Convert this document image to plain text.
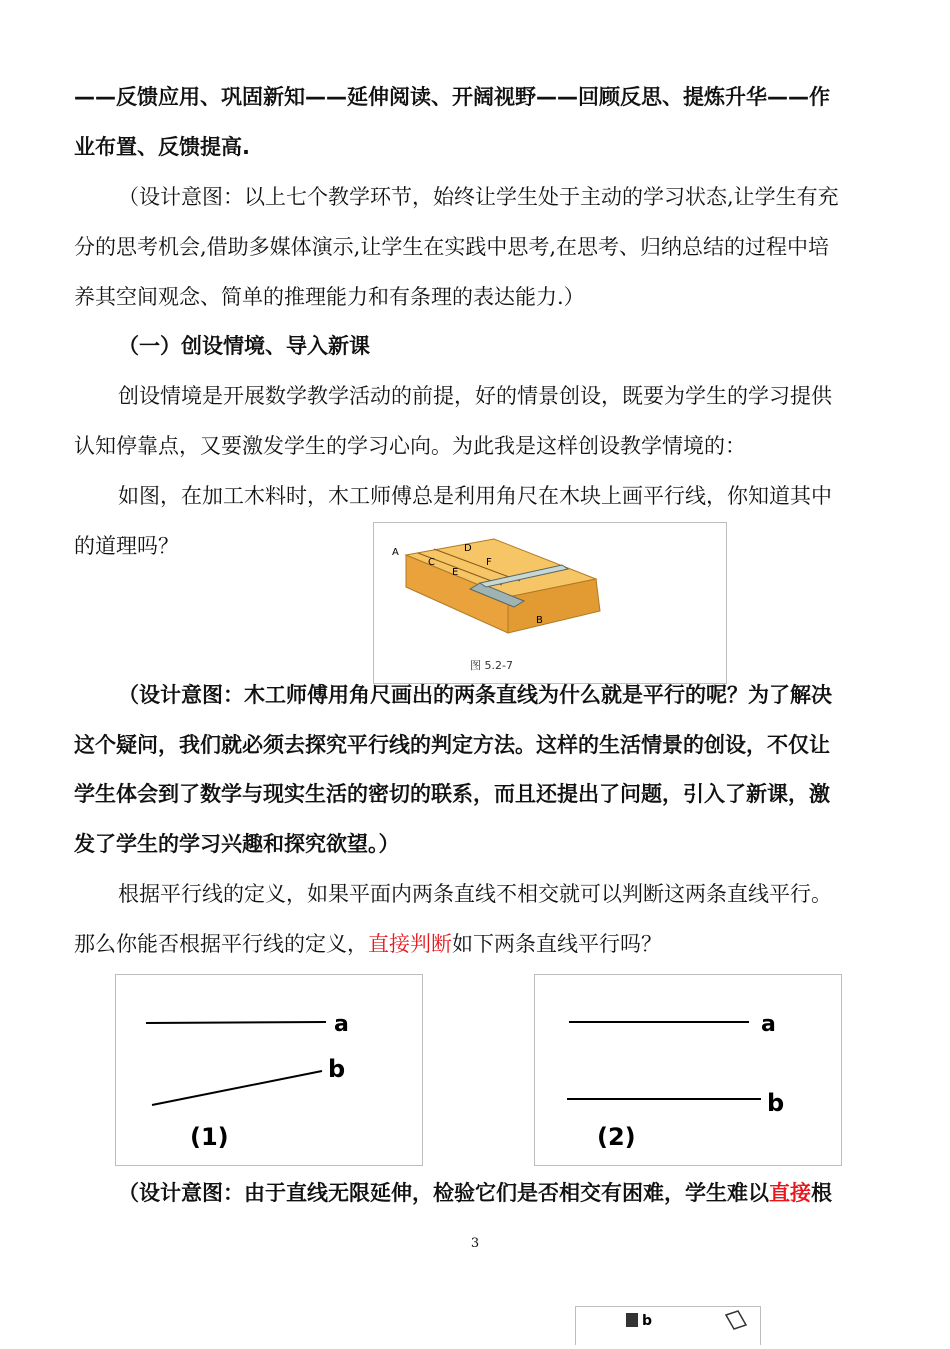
——反馈应用、巩固新知——延伸阅读、开阔视野——回顾反思、提炼升华——作
业布置、反馈提高.
（设计意图：以上七个教学环节，始终让学生处于主动的学习状态,让学生有充
分的思考机会,借助多媒体演示,让学生在实践中思考,在思考、归纳总结的过程中培
养其空间观念、简单的推理能力和有条理的表达能力.）
（一）创设情境、导入新课
创设情境是开展数学教学活动的前提，好的情景创设，既要为学生的学习提供
认知停靠点，又要激发学生的学习心向。为此我是这样创设教学情境的：
如图，在加工木料时，木工师傅总是利用角尺在木块上画平行线，你知道其中
的道理吗？	A
C
D
E
F
B
图 5.2-7
（设计意图：木工师傅用角尺画出的两条直线为什么就是平行的呢？为了解决
这个疑问，我们就必须去探究平行线的判定方法。这样的生活情景的创设，不仅让
学生体会到了数学与现实生活的密切的联系，而且还提出了问题，引入了新课，激
发了学生的学习兴趣和探究欲望。）
根据平行线的定义，如果平面内两条直线不相交就可以判断这两条直线平行。
那么你能否根据平行线的定义，直接判断如下两条直线平行吗？
a
b
(1)
a
b
(2)
（设计意图：由于直线无限延伸，检验它们是否相交有困难，学生难以直接根
3
b
